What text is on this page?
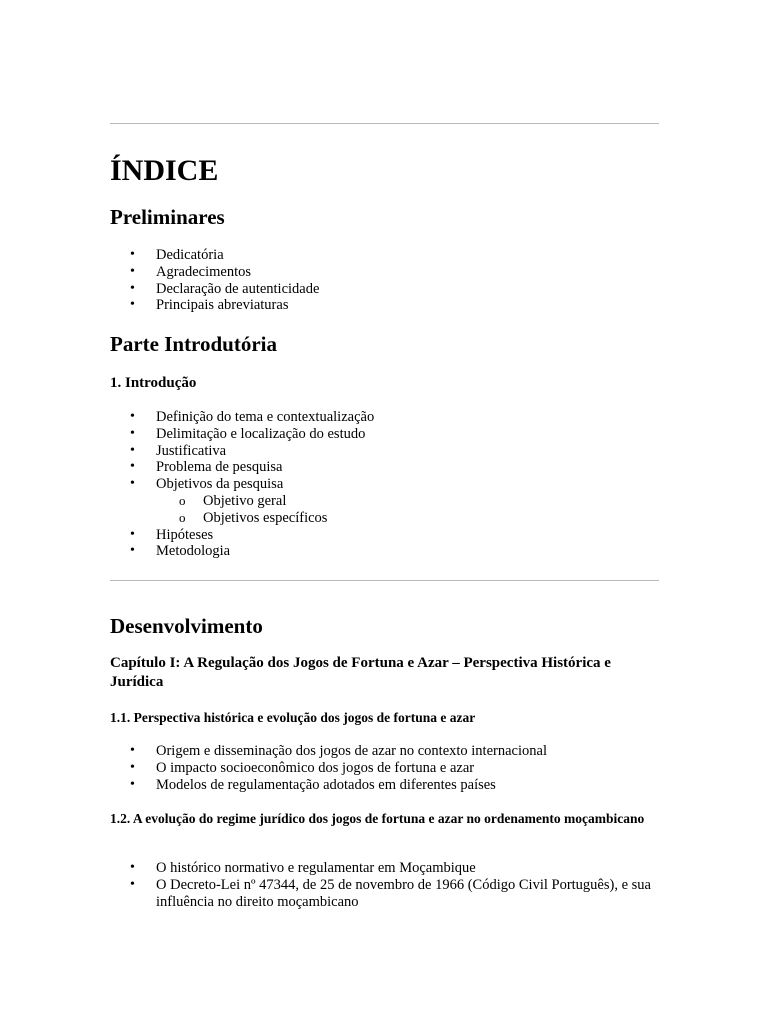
ÍNDICE
Preliminares
• Dedicatória
• Agradecimentos
• Declaração de autenticidade
• Principais abreviaturas
Parte Introdutória
1. Introdução
• Definição do tema e contextualização
• Delimitação e localização do estudo
• Justificativa
• Problema de pesquisa
• Objetivos da pesquisa
o Objetivo geral
o Objetivos específicos
• Hipóteses
• Metodologia
Desenvolvimento
Capítulo I: A Regulação dos Jogos de Fortuna e Azar – Perspectiva Histórica e Jurídica
1.1. Perspectiva histórica e evolução dos jogos de fortuna e azar
• Origem e disseminação dos jogos de azar no contexto internacional
• O impacto socioeconômico dos jogos de fortuna e azar
• Modelos de regulamentação adotados em diferentes países
1.2. A evolução do regime jurídico dos jogos de fortuna e azar no ordenamento moçambicano
• O histórico normativo e regulamentar em Moçambique
• O Decreto-Lei nº 47344, de 25 de novembro de 1966 (Código Civil Português), e sua influência no direito moçambicano
